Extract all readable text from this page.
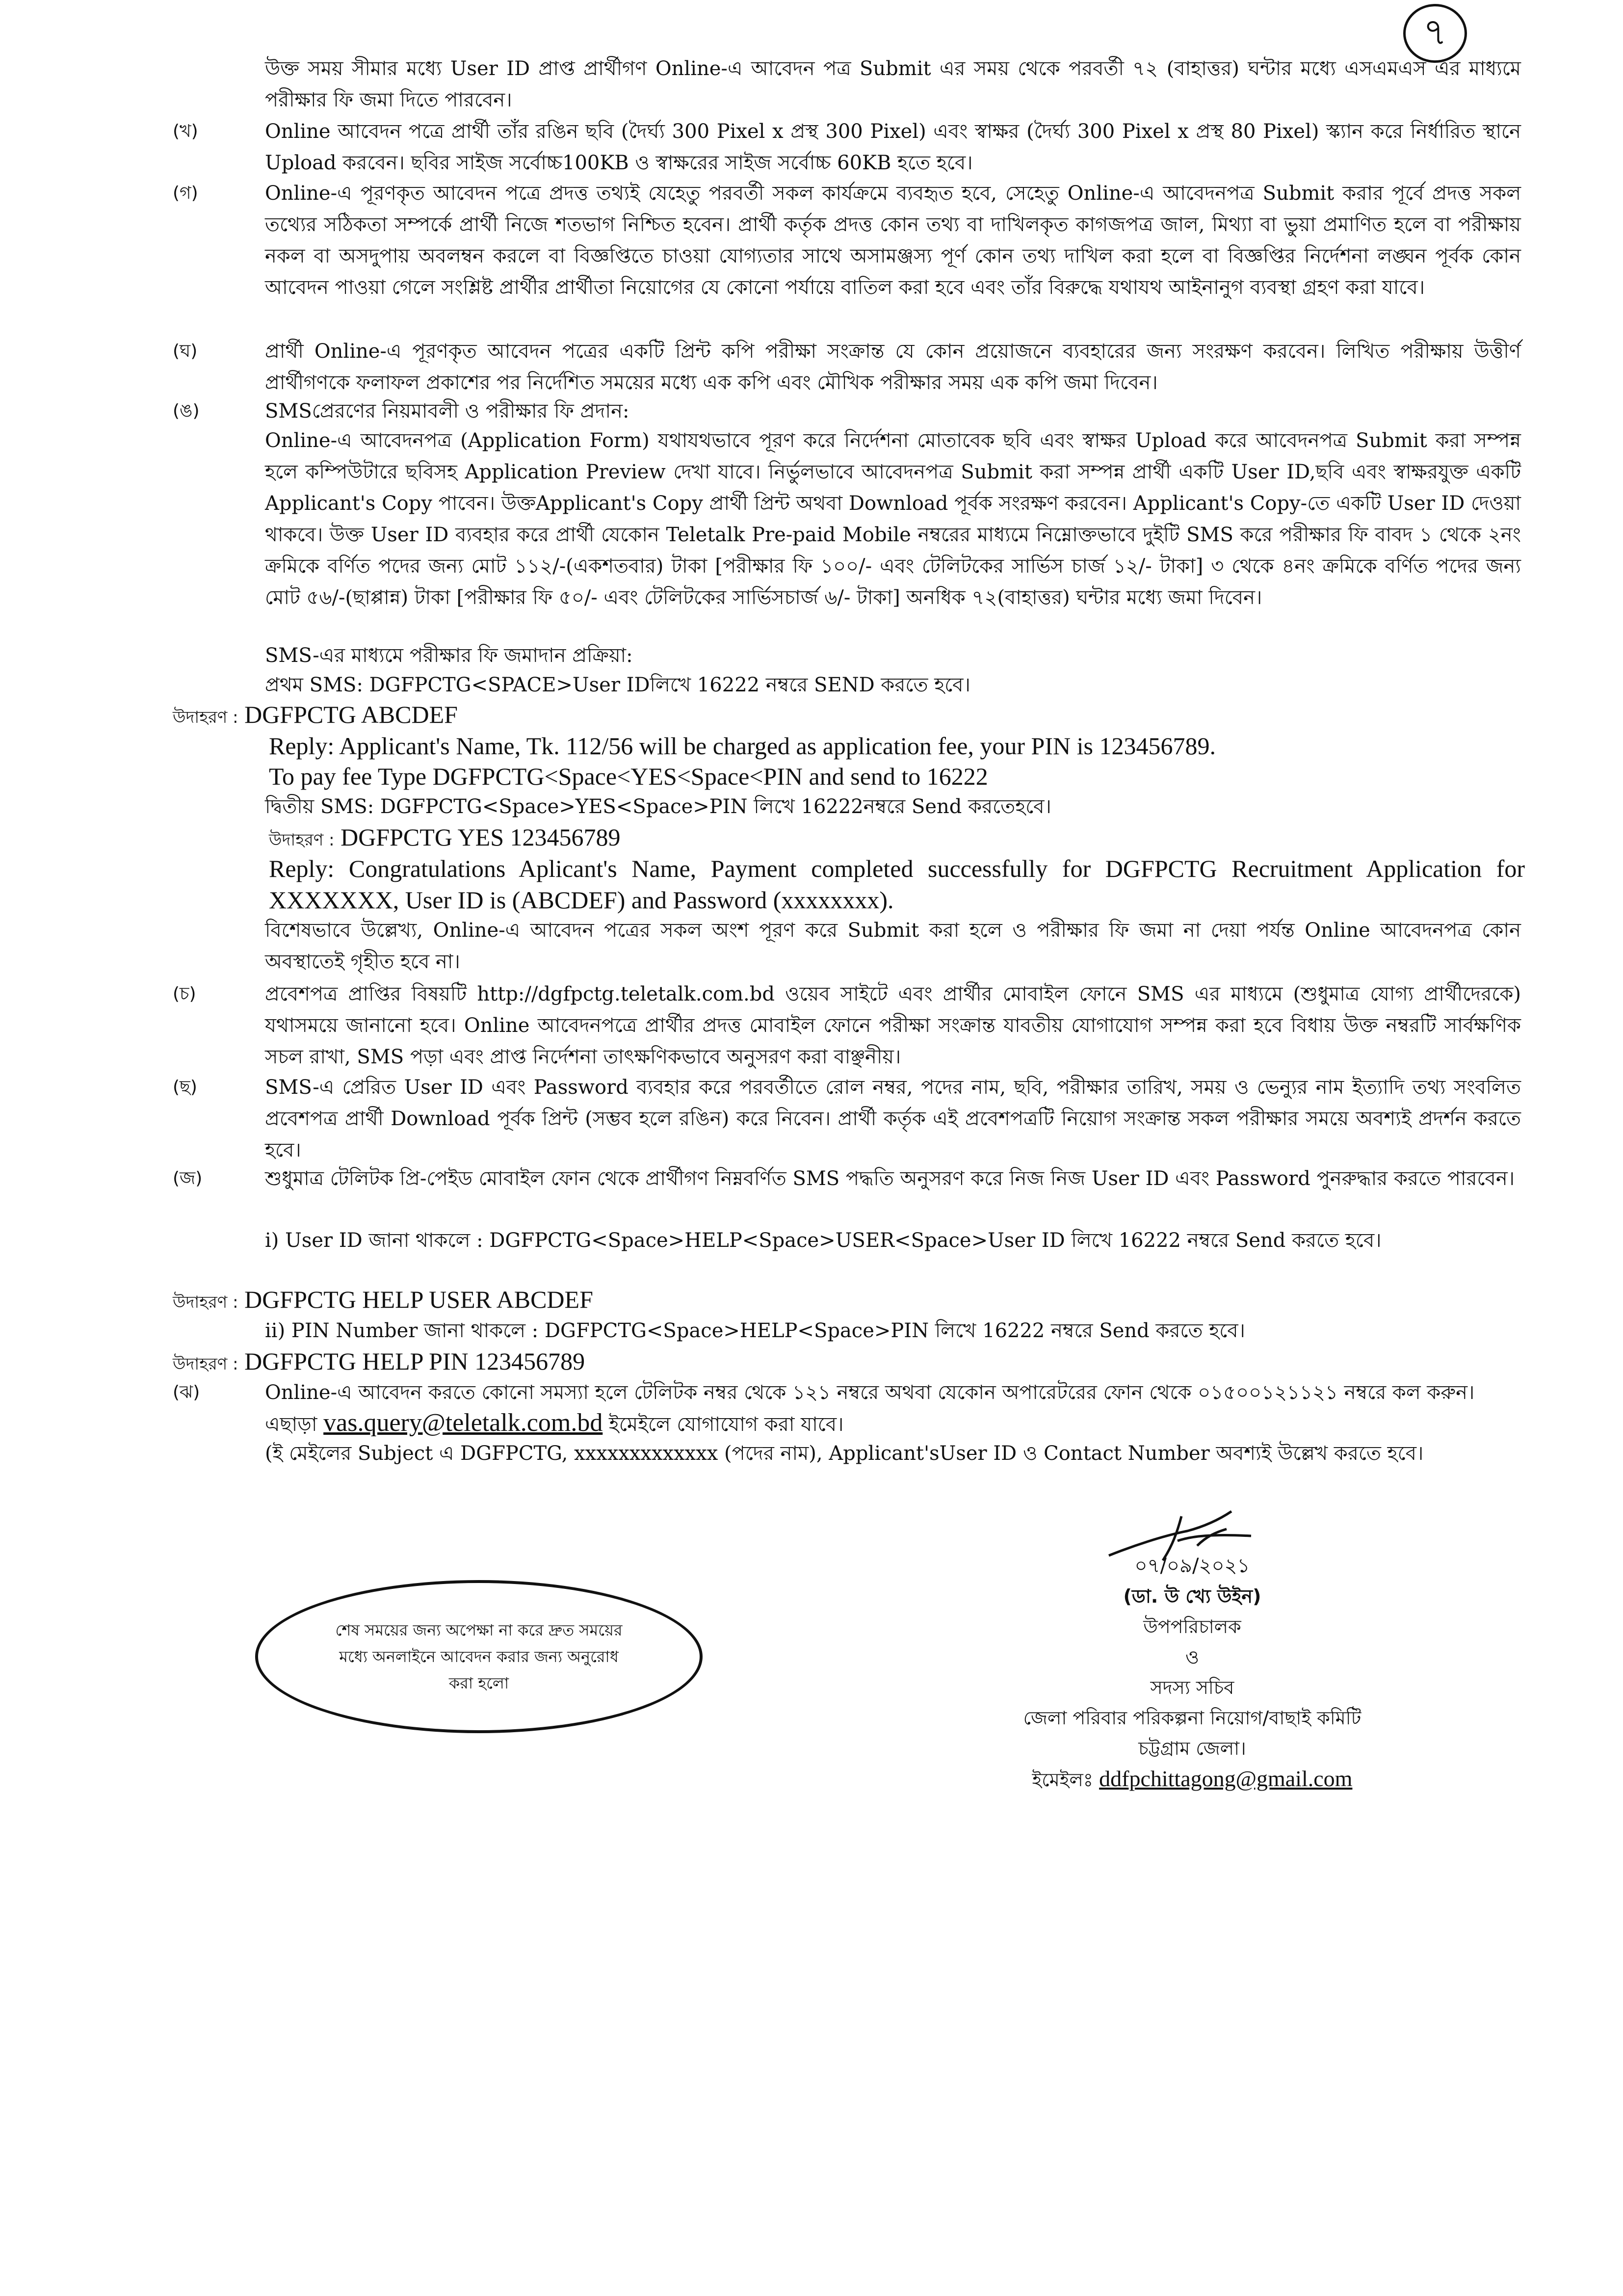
৭

উক্ত সময় সীমার মধ্যে User ID প্রাপ্ত প্রার্থীগণ Online-এ আবেদন পত্র Submit এর সময় থেকে পরবর্তী ৭২ (বাহাত্তর) ঘন্টার মধ্যে এসএমএস এর মাধ্যমে পরীক্ষার ফি জমা দিতে পারবেন।

(খ)	Online আবেদন পত্রে প্রার্থী তাঁর রঙিন ছবি (দৈর্ঘ্য 300 Pixel x প্রস্থ 300 Pixel) এবং স্বাক্ষর (দৈর্ঘ্য 300 Pixel x প্রস্থ 80 Pixel) স্ক্যান করে নির্ধারিত স্থানে Upload করবেন। ছবির সাইজ সর্বোচ্চ100KB ও স্বাক্ষরের সাইজ সর্বোচ্চ 60KB হতে হবে।

(গ)	Online-এ পূরণকৃত আবেদন পত্রে প্রদত্ত তথ্যই যেহেতু পরবর্তী সকল কার্যক্রমে ব্যবহৃত হবে, সেহেতু Online-এ আবেদনপত্র Submit করার পূর্বে প্রদত্ত সকল তথ্যের সঠিকতা সম্পর্কে প্রার্থী নিজে শতভাগ নিশ্চিত হবেন। প্রার্থী কর্তৃক প্রদত্ত কোন তথ্য বা দাখিলকৃত কাগজপত্র জাল, মিথ্যা বা ভুয়া প্রমাণিত হলে বা পরীক্ষায় নকল বা অসদুপায় অবলম্বন করলে বা বিজ্ঞপ্তিতে চাওয়া যোগ্যতার সাথে অসামঞ্জস্য পূর্ণ কোন তথ্য দাখিল করা হলে বা বিজ্ঞপ্তির নির্দেশনা লঙ্ঘন পূর্বক কোন আবেদন পাওয়া গেলে সংশ্লিষ্ট প্রার্থীর প্রার্থীতা নিয়োগের যে কোনো পর্যায়ে বাতিল করা হবে এবং তাঁর বিরুদ্ধে যথাযথ আইনানুগ ব্যবস্থা গ্রহণ করা যাবে।

(ঘ)	প্রার্থী Online-এ পূরণকৃত আবেদন পত্রের একটি প্রিন্ট কপি পরীক্ষা সংক্রান্ত যে কোন প্রয়োজনে ব্যবহারের জন্য সংরক্ষণ করবেন। লিখিত পরীক্ষায় উত্তীর্ণ প্রার্থীগণকে ফলাফল প্রকাশের পর নির্দেশিত সময়ের মধ্যে এক কপি এবং মৌখিক পরীক্ষার সময় এক কপি জমা দিবেন।

(ঙ)	SMSপ্রেরণের নিয়মাবলী ও পরীক্ষার ফি প্রদান:

Online-এ আবেদনপত্র (Application Form) যথাযথভাবে পূরণ করে নির্দেশনা মোতাবেক ছবি এবং স্বাক্ষর Upload করে আবেদনপত্র Submit করা সম্পন্ন হলে কম্পিউটারে ছবিসহ Application Preview দেখা যাবে। নির্ভুলভাবে আবেদনপত্র Submit করা সম্পন্ন প্রার্থী একটি User ID,ছবি এবং স্বাক্ষরযুক্ত একটি Applicant's Copy পাবেন। উক্তApplicant's Copy প্রার্থী প্রিন্ট অথবা Download পূর্বক সংরক্ষণ করবেন। Applicant's Copy-তে একটি User ID দেওয়া থাকবে। উক্ত User ID ব্যবহার করে প্রার্থী যেকোন Teletalk Pre-paid Mobile নম্বরের মাধ্যমে নিম্নোক্তভাবে দুইটি SMS করে পরীক্ষার ফি বাবদ ১ থেকে ২নং ক্রমিকে বর্ণিত পদের জন্য মোট ১১২/-(একশতবার) টাকা [পরীক্ষার ফি ১০০/- এবং টেলিটকের সার্ভিস চার্জ ১২/- টাকা] ৩ থেকে ৪নং ক্রমিকে বর্ণিত পদের জন্য মোট ৫৬/-(ছাপ্পান্ন) টাকা [পরীক্ষার ফি ৫০/- এবং টেলিটকের সার্ভিসচার্জ ৬/- টাকা] অনধিক ৭২(বাহাত্তর) ঘন্টার মধ্যে জমা দিবেন।

SMS-এর মাধ্যমে পরীক্ষার ফি জমাদান প্রক্রিয়া:

প্রথম SMS: DGFPCTG<SPACE>User IDলিখে 16222 নম্বরে SEND করতে হবে।

উদাহরণ : DGFPCTG ABCDEF
Reply: Applicant's Name, Tk. 112/56 will be charged as application fee, your PIN is 123456789.
To pay fee Type DGFPCTG<Space<YES<Space<PIN and send to 16222

দ্বিতীয় SMS: DGFPCTG<Space>YES<Space>PIN লিখে 16222নম্বরে Send করতেহবে।

উদাহরণ : DGFPCTG YES 123456789
Reply: Congratulations Aplicant's Name, Payment completed successfully for DGFPCTG Recruitment Application for XXXXXXX, User ID is (ABCDEF) and Password (xxxxxxxx).

বিশেষভাবে উল্লেখ্য, Online-এ আবেদন পত্রের সকল অংশ পূরণ করে Submit করা হলে ও পরীক্ষার ফি জমা না দেয়া পর্যন্ত Online আবেদনপত্র কোন অবস্থাতেই গৃহীত হবে না।

(চ)	প্রবেশপত্র প্রাপ্তির বিষয়টি http://dgfpctg.teletalk.com.bd ওয়েব সাইটে এবং প্রার্থীর মোবাইল ফোনে SMS এর মাধ্যমে (শুধুমাত্র যোগ্য প্রার্থীদেরকে) যথাসময়ে জানানো হবে। Online আবেদনপত্রে প্রার্থীর প্রদত্ত মোবাইল ফোনে পরীক্ষা সংক্রান্ত যাবতীয় যোগাযোগ সম্পন্ন করা হবে বিধায় উক্ত নম্বরটি সার্বক্ষণিক সচল রাখা, SMS পড়া এবং প্রাপ্ত নির্দেশনা তাৎক্ষণিকভাবে অনুসরণ করা বাঞ্ছনীয়।

(ছ)	SMS-এ প্রেরিত User ID এবং Password ব্যবহার করে পরবর্তীতে রোল নম্বর, পদের নাম, ছবি, পরীক্ষার তারিখ, সময় ও ভেন্যুর নাম ইত্যাদি তথ্য সংবলিত প্রবেশপত্র প্রার্থী Download পূর্বক প্রিন্ট (সম্ভব হলে রঙিন) করে নিবেন। প্রার্থী কর্তৃক এই প্রবেশপত্রটি নিয়োগ সংক্রান্ত সকল পরীক্ষার সময়ে অবশ্যই প্রদর্শন করতে হবে।

(জ)	শুধুমাত্র টেলিটক প্রি-পেইড মোবাইল ফোন থেকে প্রার্থীগণ নিম্নবর্ণিত SMS পদ্ধতি অনুসরণ করে নিজ নিজ User ID এবং Password পুনরুদ্ধার করতে পারবেন।

i) User ID জানা থাকলে : DGFPCTG<Space>HELP<Space>USER<Space>User ID লিখে 16222 নম্বরে Send করতে হবে।

উদাহরণ : DGFPCTG HELP USER ABCDEF

ii) PIN Number জানা থাকলে : DGFPCTG<Space>HELP<Space>PIN লিখে 16222 নম্বরে Send করতে হবে।

উদাহরণ : DGFPCTG HELP PIN 123456789
(ঝ)	Online-এ আবেদন করতে কোনো সমস্যা হলে টেলিটক নম্বর থেকে ১২১ নম্বরে অথবা যেকোন অপারেটরের ফোন থেকে ০১৫০০১২১১২১ নম্বরে কল করুন।

এছাড়া vas.query@teletalk.com.bd ইমেইলে যোগাযোগ করা যাবে।

(ই মেইলের Subject এ DGFPCTG, xxxxxxxxxxxxx (পদের নাম), Applicant'sUser ID ও Contact Number অবশ্যই উল্লেখ করতে হবে।

শেষ সময়ের জন্য অপেক্ষা না করে দ্রুত সময়ের মধ্যে অনলাইনে আবেদন করার জন্য অনুরোধ করা হলো
০৭/০৯/২০২১
(ডা. উ খ্যে উইন)
উপপরিচালক
ও
সদস্য সচিব
জেলা পরিবার পরিকল্পনা নিয়োগ/বাছাই কমিটি
চট্টগ্রাম জেলা।
ইমেইলঃ ddfpchittagong@gmail.com
